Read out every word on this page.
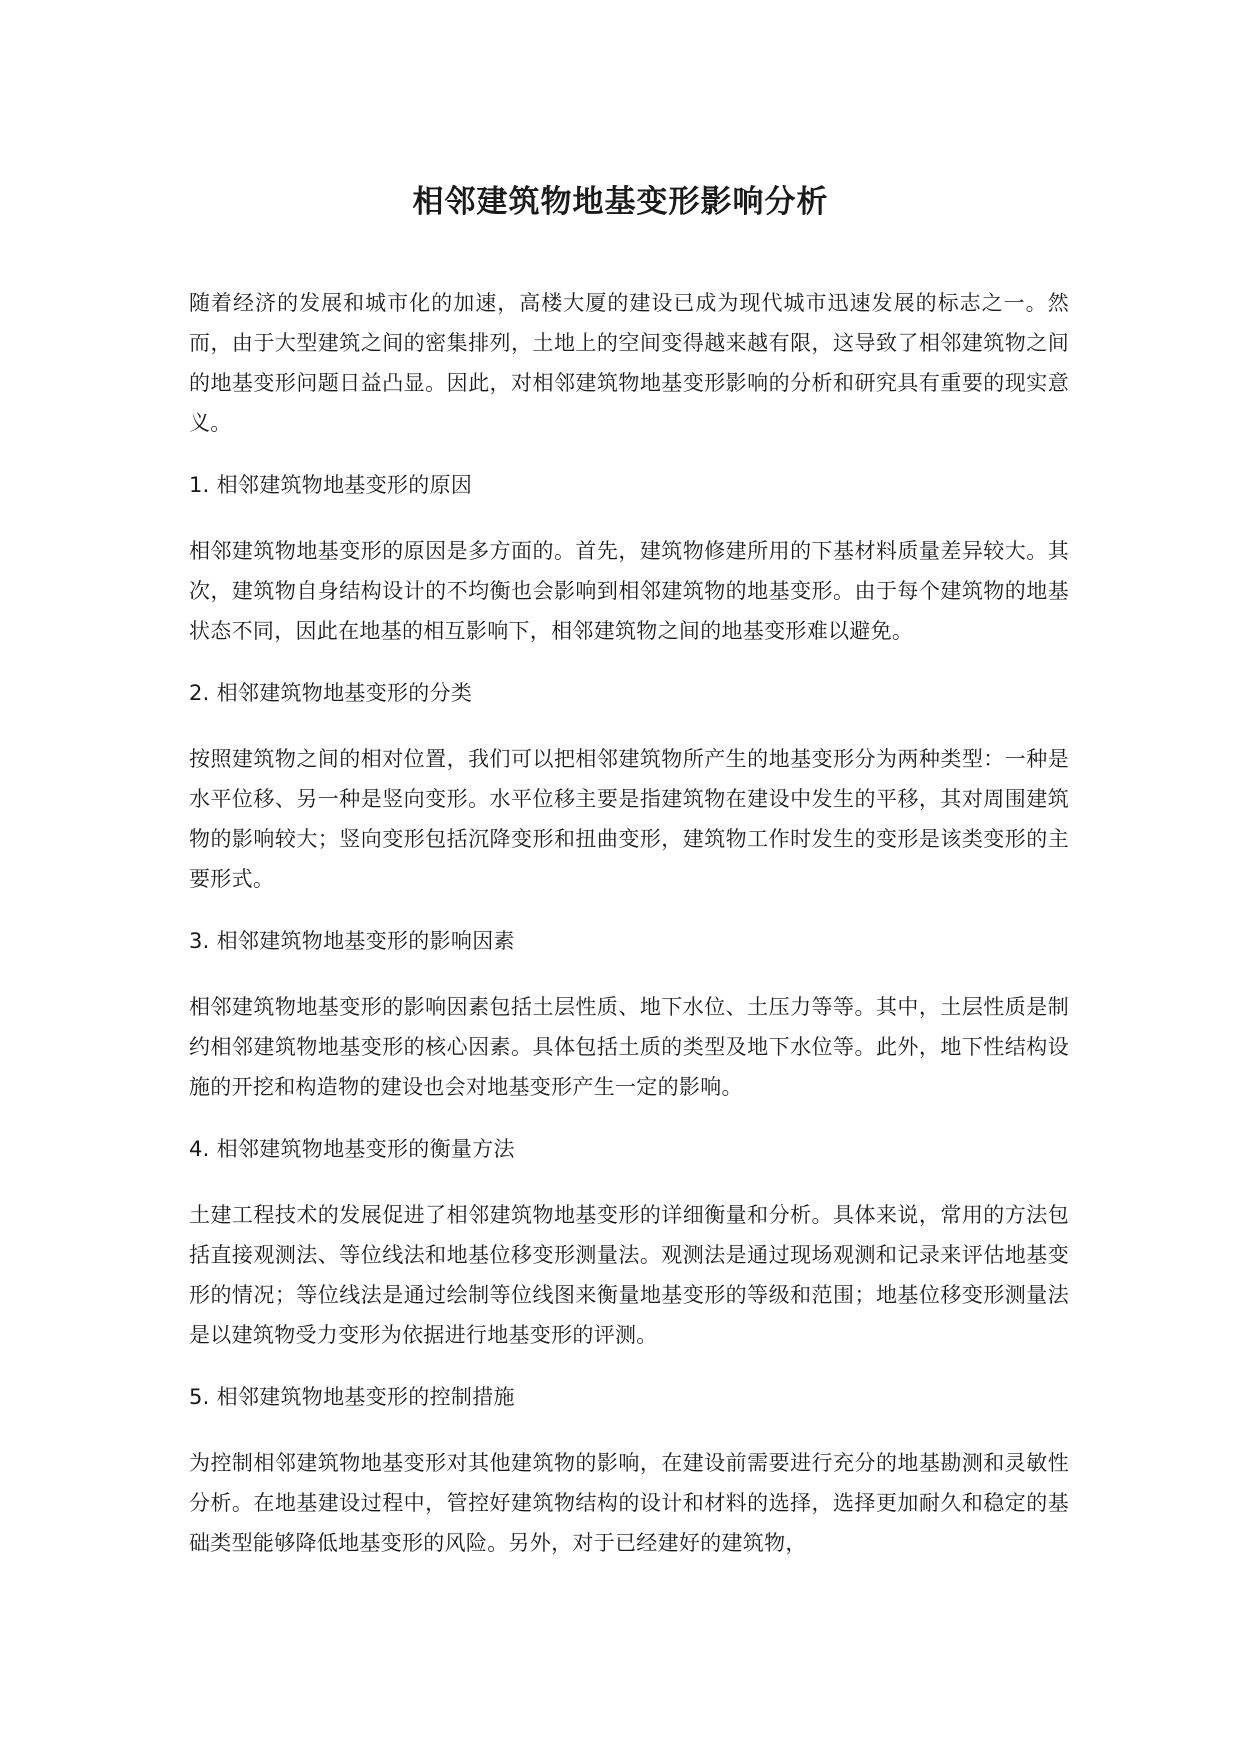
相邻建筑物地基变形影响分析

随着经济的发展和城市化的加速，高楼大厦的建设已成为现代城市迅速发展的标志之一。然而，由于大型建筑之间的密集排列，土地上的空间变得越来越有限，这导致了相邻建筑物之间的地基变形问题日益凸显。因此，对相邻建筑物地基变形影响的分析和研究具有重要的现实意义。

1. 相邻建筑物地基变形的原因

相邻建筑物地基变形的原因是多方面的。首先，建筑物修建所用的下基材料质量差异较大。其次，建筑物自身结构设计的不均衡也会影响到相邻建筑物的地基变形。由于每个建筑物的地基状态不同，因此在地基的相互影响下，相邻建筑物之间的地基变形难以避免。

2. 相邻建筑物地基变形的分类

按照建筑物之间的相对位置，我们可以把相邻建筑物所产生的地基变形分为两种类型：一种是水平位移、另一种是竖向变形。水平位移主要是指建筑物在建设中发生的平移，其对周围建筑物的影响较大；竖向变形包括沉降变形和扭曲变形，建筑物工作时发生的变形是该类变形的主要形式。

3. 相邻建筑物地基变形的影响因素

相邻建筑物地基变形的影响因素包括土层性质、地下水位、土压力等等。其中，土层性质是制约相邻建筑物地基变形的核心因素。具体包括土质的类型及地下水位等。此外，地下性结构设施的开挖和构造物的建设也会对地基变形产生一定的影响。

4. 相邻建筑物地基变形的衡量方法

土建工程技术的发展促进了相邻建筑物地基变形的详细衡量和分析。具体来说，常用的方法包括直接观测法、等位线法和地基位移变形测量法。观测法是通过现场观测和记录来评估地基变形的情况；等位线法是通过绘制等位线图来衡量地基变形的等级和范围；地基位移变形测量法是以建筑物受力变形为依据进行地基变形的评测。

5. 相邻建筑物地基变形的控制措施

为控制相邻建筑物地基变形对其他建筑物的影响，在建设前需要进行充分的地基勘测和灵敏性分析。在地基建设过程中，管控好建筑物结构的设计和材料的选择，选择更加耐久和稳定的基础类型能够降低地基变形的风险。另外，对于已经建好的建筑物，
